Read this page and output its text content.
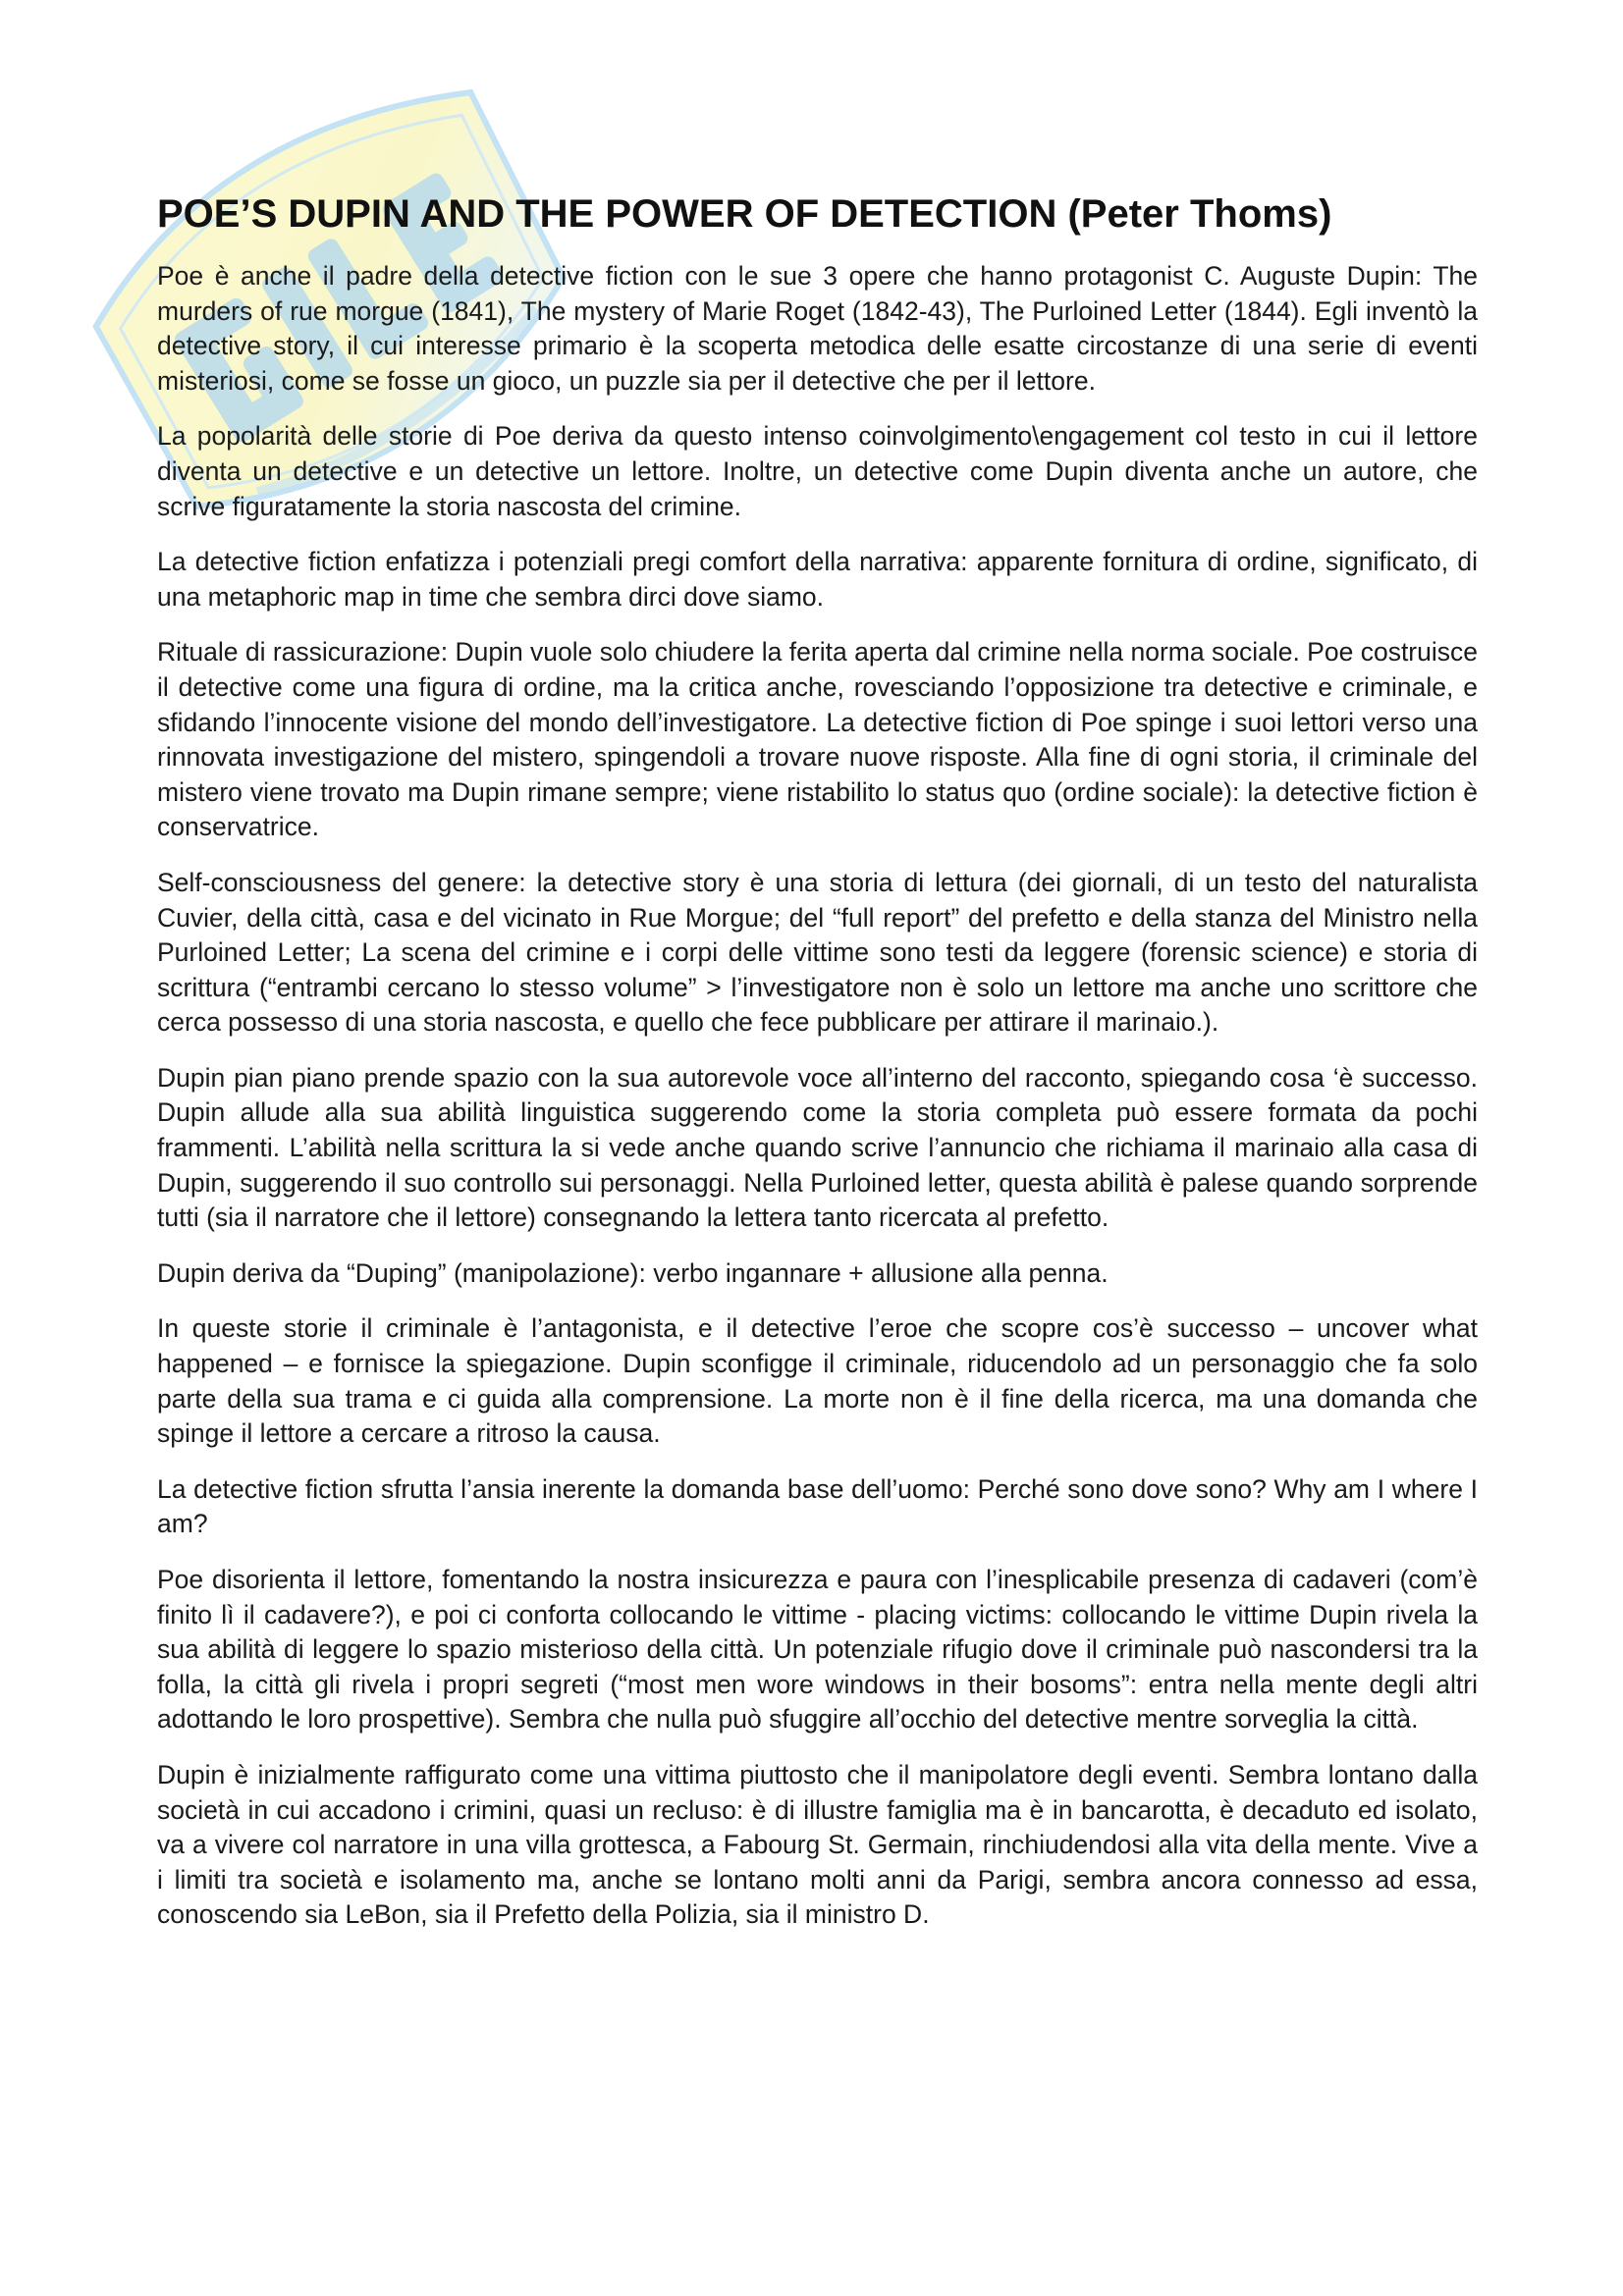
POE’S DUPIN AND THE POWER OF DETECTION (Peter Thoms)

Poe è anche il padre della detective fiction con le sue 3 opere che hanno protagonist C. Auguste Dupin: The murders of rue morgue (1841), The mystery of Marie Roget (1842-43), The Purloined Letter (1844). Egli inventò la detective story, il cui interesse primario è la scoperta metodica delle esatte circostanze di una serie di eventi misteriosi, come se fosse un gioco, un puzzle sia per il detective che per il lettore.

La popolarità delle storie di Poe deriva da questo intenso coinvolgimento\engagement col testo in cui il lettore diventa un detective e un detective un lettore. Inoltre, un detective come Dupin diventa anche un autore, che scrive figuratamente la storia nascosta del crimine.

La detective fiction enfatizza i potenziali pregi comfort della narrativa: apparente fornitura di ordine, significato, di una metaphoric map in time che sembra dirci dove siamo.

Rituale di rassicurazione: Dupin vuole solo chiudere la ferita aperta dal crimine nella norma sociale. Poe costruisce il detective come una figura di ordine, ma la critica anche, rovesciando l’opposizione tra detective e criminale, e sfidando l’innocente visione del mondo dell’investigatore. La detective fiction di Poe spinge i suoi lettori verso una rinnovata investigazione del mistero, spingendoli a trovare nuove risposte. Alla fine di ogni storia, il criminale del mistero viene trovato ma Dupin rimane sempre; viene ristabilito lo status quo (ordine sociale): la detective fiction è conservatrice.

Self-consciousness del genere: la detective story è una storia di lettura (dei giornali, di un testo del naturalista Cuvier, della città, casa e del vicinato in Rue Morgue; del “full report” del prefetto e della stanza del Ministro nella Purloined Letter; La scena del crimine e i corpi delle vittime sono testi da leggere (forensic science) e storia di scrittura (“entrambi cercano lo stesso volume” > l’investigatore non è solo un lettore ma anche uno scrittore che cerca possesso di una storia nascosta, e quello che fece pubblicare per attirare il marinaio.).

Dupin pian piano prende spazio con la sua autorevole voce all’interno del racconto, spiegando cosa ‘è successo. Dupin allude alla sua abilità linguistica suggerendo come la storia completa può essere formata da pochi frammenti. L’abilità nella scrittura la si vede anche quando scrive l’annuncio che richiama il marinaio alla casa di Dupin, suggerendo il suo controllo sui personaggi. Nella Purloined letter, questa abilità è palese quando sorprende tutti (sia il narratore che il lettore) consegnando la lettera tanto ricercata al prefetto.

Dupin deriva da “Duping” (manipolazione): verbo ingannare + allusione alla penna.

In queste storie il criminale è l’antagonista, e il detective l’eroe che scopre cos’è successo – uncover what happened – e fornisce la spiegazione. Dupin sconfigge il criminale, riducendolo ad un personaggio che fa solo parte della sua trama e ci guida alla comprensione. La morte non è il fine della ricerca, ma una domanda che spinge il lettore a cercare a ritroso la causa.

La detective fiction sfrutta l’ansia inerente la domanda base dell’uomo: Perché sono dove sono? Why am I where I am?

Poe disorienta il lettore, fomentando la nostra insicurezza e paura con l’inesplicabile presenza di cadaveri (com’è finito lì il cadavere?), e poi ci conforta collocando le vittime - placing victims: collocando le vittime Dupin rivela la sua abilità di leggere lo spazio misterioso della città. Un potenziale rifugio dove il criminale può nascondersi tra la folla, la città gli rivela i propri segreti (“most men wore windows in their bosoms”: entra nella mente degli altri adottando le loro prospettive). Sembra che nulla può sfuggire all’occhio del detective mentre sorveglia la città.

Dupin è inizialmente raffigurato come una vittima piuttosto che il manipolatore degli eventi. Sembra lontano dalla società in cui accadono i crimini, quasi un recluso: è di illustre famiglia ma è in bancarotta, è decaduto ed isolato, va a vivere col narratore in una villa grottesca, a Fabourg St. Germain, rinchiudendosi alla vita della mente. Vive a i limiti tra società e isolamento ma, anche se lontano molti anni da Parigi, sembra ancora connesso ad essa, conoscendo sia LeBon, sia il Prefetto della Polizia, sia il ministro D.
